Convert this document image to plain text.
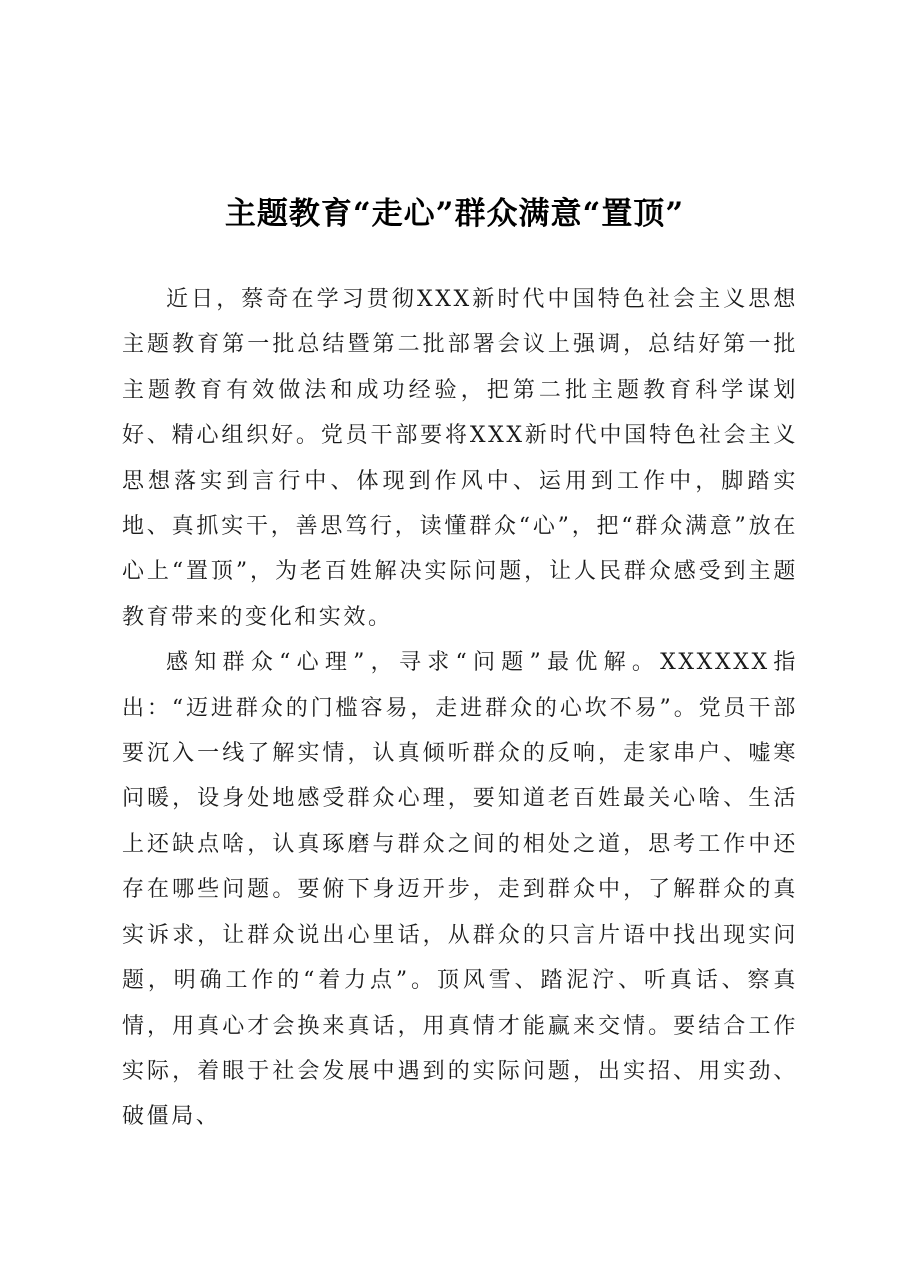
主题教育“走心”群众满意“置顶”

近日，蔡奇在学习贯彻XXX新时代中国特色社会主义思想主题教育第一批总结暨第二批部署会议上强调，总结好第一批主题教育有效做法和成功经验，把第二批主题教育科学谋划好、精心组织好。党员干部要将XXX新时代中国特色社会主义思想落实到言行中、体现到作风中、运用到工作中，脚踏实地、真抓实干，善思笃行，读懂群众“心”，把“群众满意”放在心上“置顶”，为老百姓解决实际问题，让人民群众感受到主题教育带来的变化和实效。

感知群众“心理”，寻求“问题”最优解。XXXXXX指出：“迈进群众的门槛容易，走进群众的心坎不易”。党员干部要沉入一线了解实情，认真倾听群众的反响，走家串户、嘘寒问暖，设身处地感受群众心理，要知道老百姓最关心啥、生活上还缺点啥，认真琢磨与群众之间的相处之道，思考工作中还存在哪些问题。要俯下身迈开步，走到群众中，了解群众的真实诉求，让群众说出心里话，从群众的只言片语中找出现实问题，明确工作的“着力点”。顶风雪、踏泥泞、听真话、察真情，用真心才会换来真话，用真情才能赢来交情。要结合工作实际，着眼于社会发展中遇到的实际问题，出实招、用实劲、破僵局、
